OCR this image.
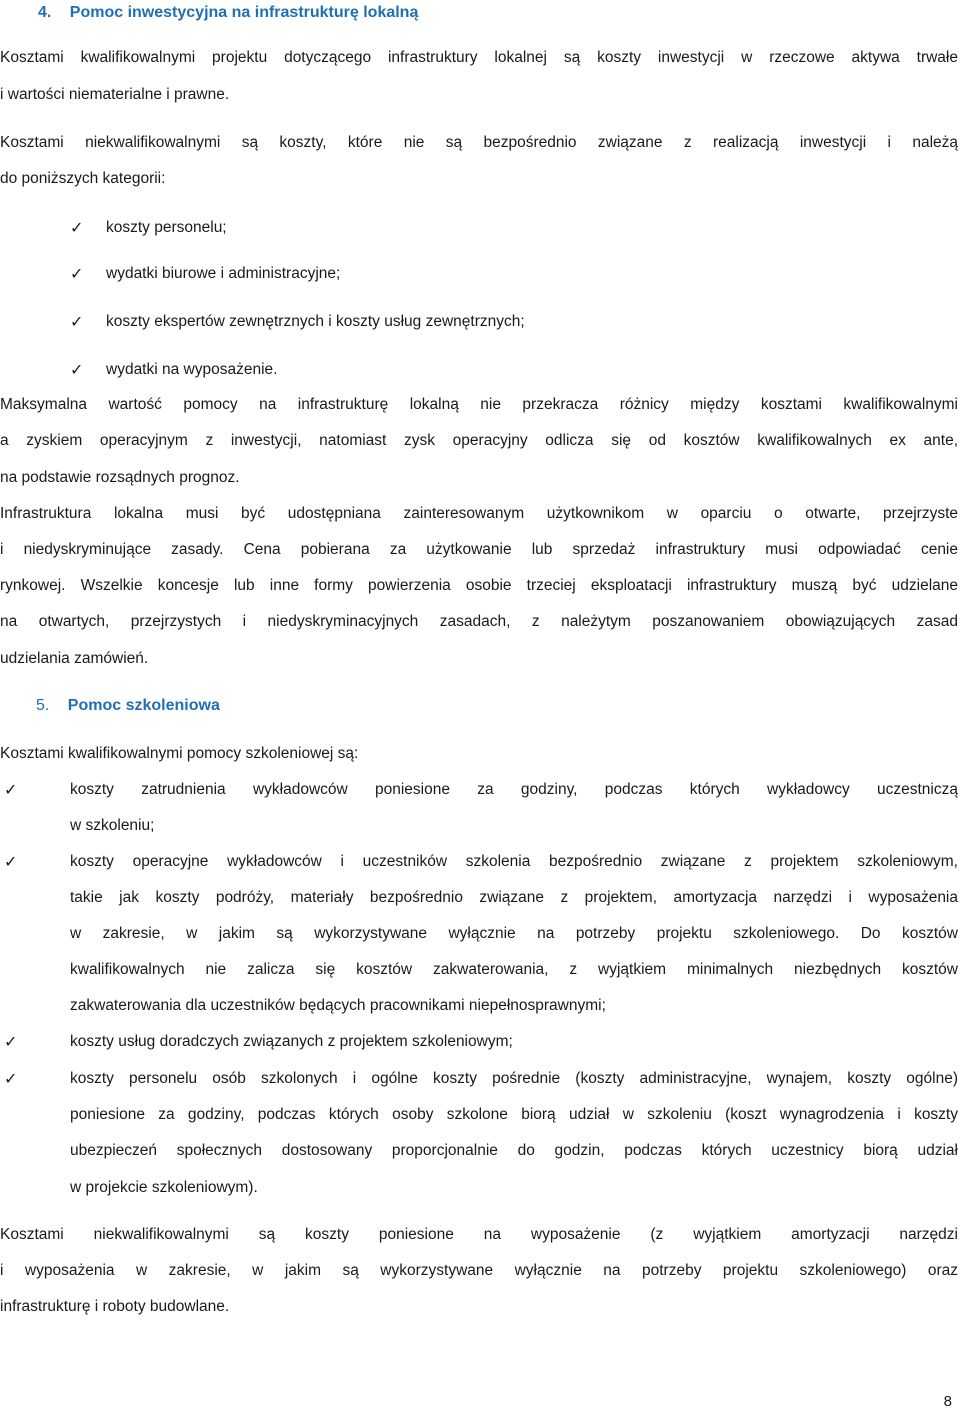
4. Pomoc inwestycyjna na infrastrukturę lokalną

Kosztami kwalifikowalnymi projektu dotyczącego infrastruktury lokalnej są koszty inwestycji w rzeczowe aktywa trwałe

i wartości niematerialne i prawne.

Kosztami niekwalifikowalnymi są koszty, które nie są bezpośrednio związane z realizacją inwestycji i należą

do poniższych kategorii:

✓ koszty personelu;

✓ wydatki biurowe i administracyjne;

✓ koszty ekspertów zewnętrznych i koszty usług zewnętrznych;

✓ wydatki na wyposażenie.

Maksymalna wartość pomocy na infrastrukturę lokalną nie przekracza różnicy między kosztami kwalifikowalnymi

a zyskiem operacyjnym z inwestycji, natomiast zysk operacyjny odlicza się od kosztów kwalifikowalnych ex ante,

na podstawie rozsądnych prognoz.

Infrastruktura lokalna musi być udostępniana zainteresowanym użytkownikom w oparciu o otwarte, przejrzyste

i niedyskryminujące zasady. Cena pobierana za użytkowanie lub sprzedaż infrastruktury musi odpowiadać cenie

rynkowej. Wszelkie koncesje lub inne formy powierzenia osobie trzeciej eksploatacji infrastruktury muszą być udzielane

na otwartych, przejrzystych i niedyskryminacyjnych zasadach, z należytym poszanowaniem obowiązujących zasad

udzielania zamówień.

5. Pomoc szkoleniowa

Kosztami kwalifikowalnymi pomocy szkoleniowej są:

✓	koszty zatrudnienia wykładowców poniesione za godziny, podczas których wykładowcy uczestniczą

w szkoleniu;

✓	koszty operacyjne wykładowców i uczestników szkolenia bezpośrednio związane z projektem szkoleniowym,

takie jak koszty podróży, materiały bezpośrednio związane z projektem, amortyzacja narzędzi i wyposażenia

w zakresie, w jakim są wykorzystywane wyłącznie na potrzeby projektu szkoleniowego. Do kosztów

kwalifikowalnych nie zalicza się kosztów zakwaterowania, z wyjątkiem minimalnych niezbędnych kosztów

zakwaterowania dla uczestników będących pracownikami niepełnosprawnymi;

✓	koszty usług doradczych związanych z projektem szkoleniowym;

✓	koszty personelu osób szkolonych i ogólne koszty pośrednie (koszty administracyjne, wynajem, koszty ogólne)

poniesione za godziny, podczas których osoby szkolone biorą udział w szkoleniu (koszt wynagrodzenia i koszty

ubezpieczeń społecznych dostosowany proporcjonalnie do godzin, podczas których uczestnicy biorą udział

w projekcie szkoleniowym).

Kosztami niekwalifikowalnymi są koszty poniesione na wyposażenie (z wyjątkiem amortyzacji narzędzi

i wyposażenia w zakresie, w jakim są wykorzystywane wyłącznie na potrzeby projektu szkoleniowego) oraz

infrastrukturę i roboty budowlane.

8
